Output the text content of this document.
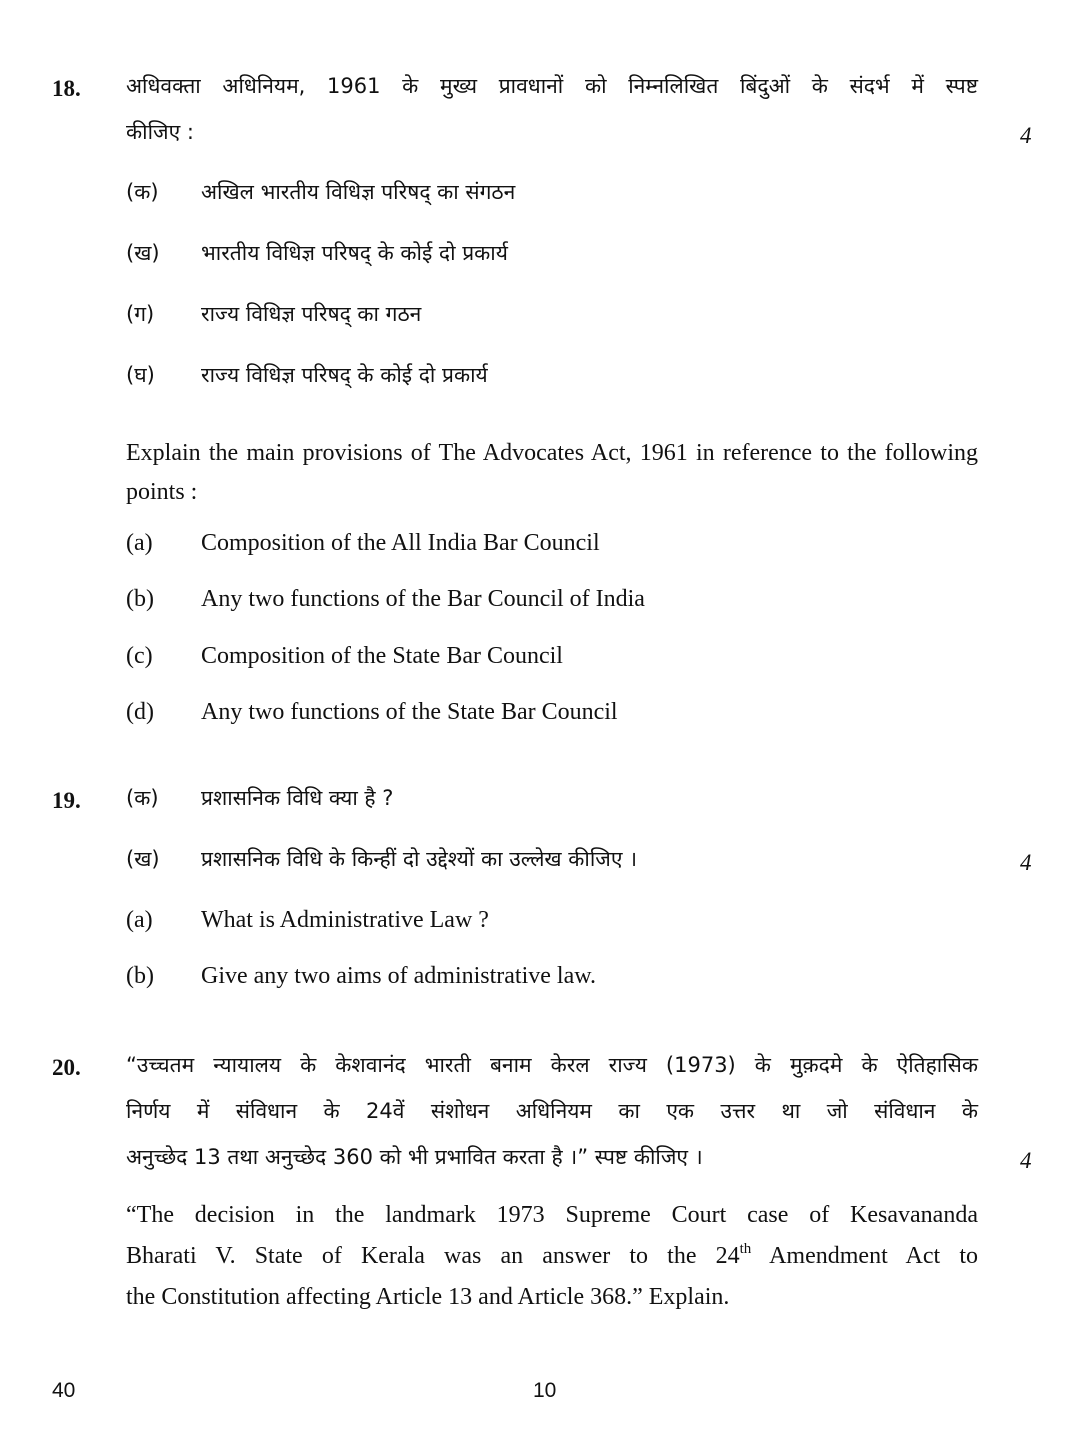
18. अधिवक्ता अधिनियम, 1961 के मुख्य प्रावधानों को निम्नलिखित बिंदुओं के संदर्भ में स्पष्ट
कीजिए :	4
(क) अखिल भारतीय विधिज्ञ परिषद् का संगठन
(ख) भारतीय विधिज्ञ परिषद् के कोई दो प्रकार्य
(ग) राज्य विधिज्ञ परिषद् का गठन
(घ) राज्य विधिज्ञ परिषद् के कोई दो प्रकार्य
Explain the main provisions of The Advocates Act, 1961 in reference to the following points :
(a) Composition of the All India Bar Council
(b) Any two functions of the Bar Council of India
(c) Composition of the State Bar Council
(d) Any two functions of the State Bar Council
19. (क) प्रशासनिक विधि क्या है ?
(ख) प्रशासनिक विधि के किन्हीं दो उद्देश्यों का उल्लेख कीजिए ।	4
(a) What is Administrative Law ?
(b) Give any two aims of administrative law.
20. “उच्चतम न्यायालय के केशवानंद भारती बनाम केरल राज्य (1973) के मुक़दमे के ऐतिहासिक
निर्णय में संविधान के 24वें संशोधन अधिनियम का एक उत्तर था जो संविधान के
अनुच्छेद 13 तथा अनुच्छेद 360 को भी प्रभावित करता है ।” स्पष्ट कीजिए ।	4
“The decision in the landmark 1973 Supreme Court case of Kesavananda
Bharati V. State of Kerala was an answer to the 24th Amendment Act to
the Constitution affecting Article 13 and Article 368.” Explain.
40	10
